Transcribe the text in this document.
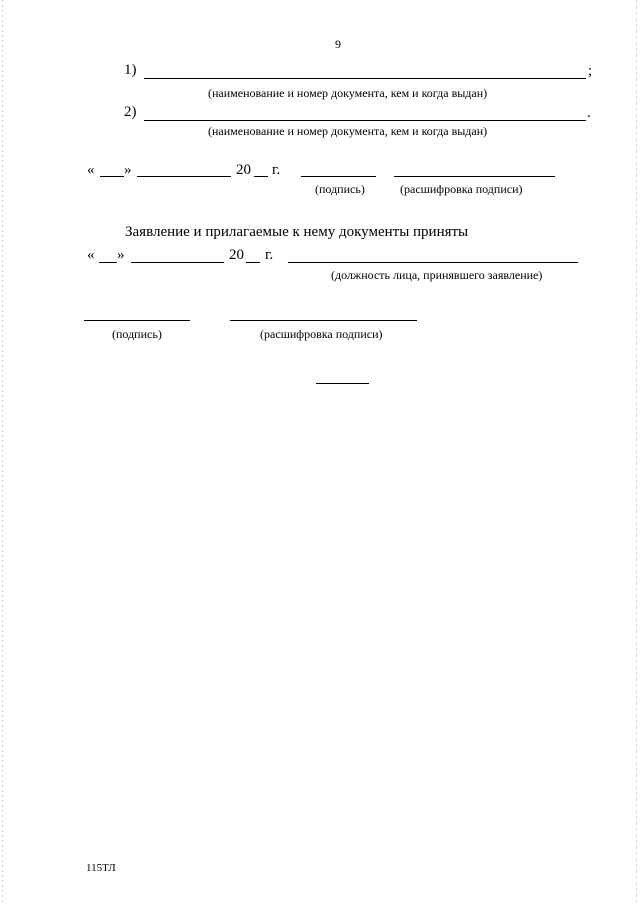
9
1)	;
(наименование и номер документа, кем и когда выдан)
2)	.
(наименование и номер документа, кем и когда выдан)
« »	20 г.
(подпись)	(расшифровка подписи)
Заявление и прилагаемые к нему документы приняты
« »	20 г.
(должность лица, принявшего заявление)
(подпись)	(расшифровка подписи)
115ТЛ
